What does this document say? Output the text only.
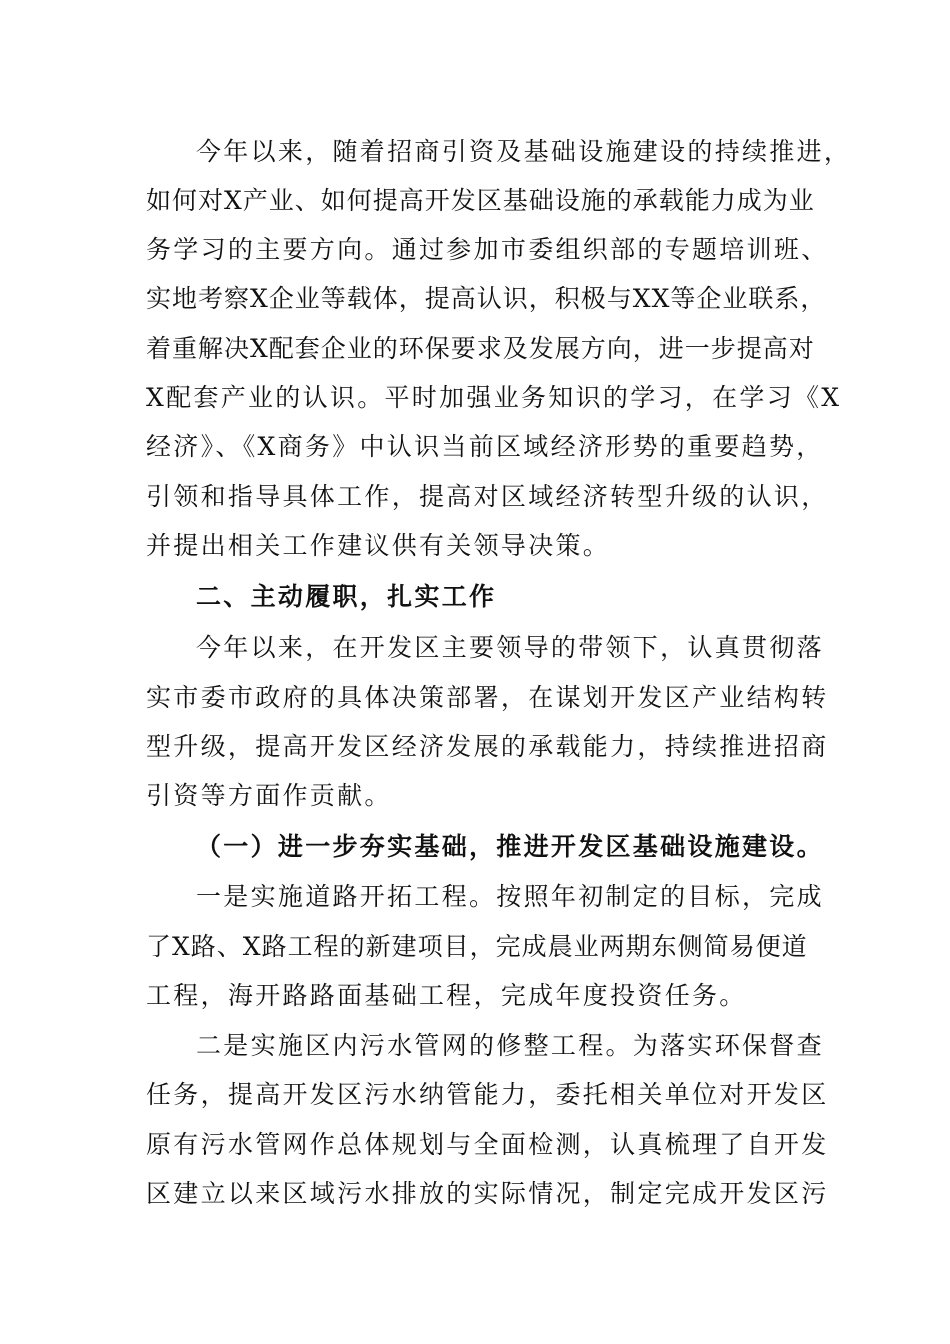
今年以来，随着招商引资及基础设施建设的持续推进，
如何对X产业、如何提高开发区基础设施的承载能力成为业
务学习的主要方向。通过参加市委组织部的专题培训班、
实地考察X企业等载体，提高认识，积极与XX等企业联系，
着重解决X配套企业的环保要求及发展方向，进一步提高对
X配套产业的认识。平时加强业务知识的学习，在学习《X
经济》、《X商务》中认识当前区域经济形势的重要趋势，
引领和指导具体工作，提高对区域经济转型升级的认识，
并提出相关工作建议供有关领导决策。
二、主动履职，扎实工作
今年以来，在开发区主要领导的带领下，认真贯彻落
实市委市政府的具体决策部署，在谋划开发区产业结构转
型升级，提高开发区经济发展的承载能力，持续推进招商
引资等方面作贡献。
（一）进一步夯实基础，推进开发区基础设施建设。
一是实施道路开拓工程。按照年初制定的目标，完成
了X路、X路工程的新建项目，完成晨业两期东侧简易便道
工程，海开路路面基础工程，完成年度投资任务。
二是实施区内污水管网的修整工程。为落实环保督查
任务，提高开发区污水纳管能力，委托相关单位对开发区
原有污水管网作总体规划与全面检测，认真梳理了自开发
区建立以来区域污水排放的实际情况，制定完成开发区污
